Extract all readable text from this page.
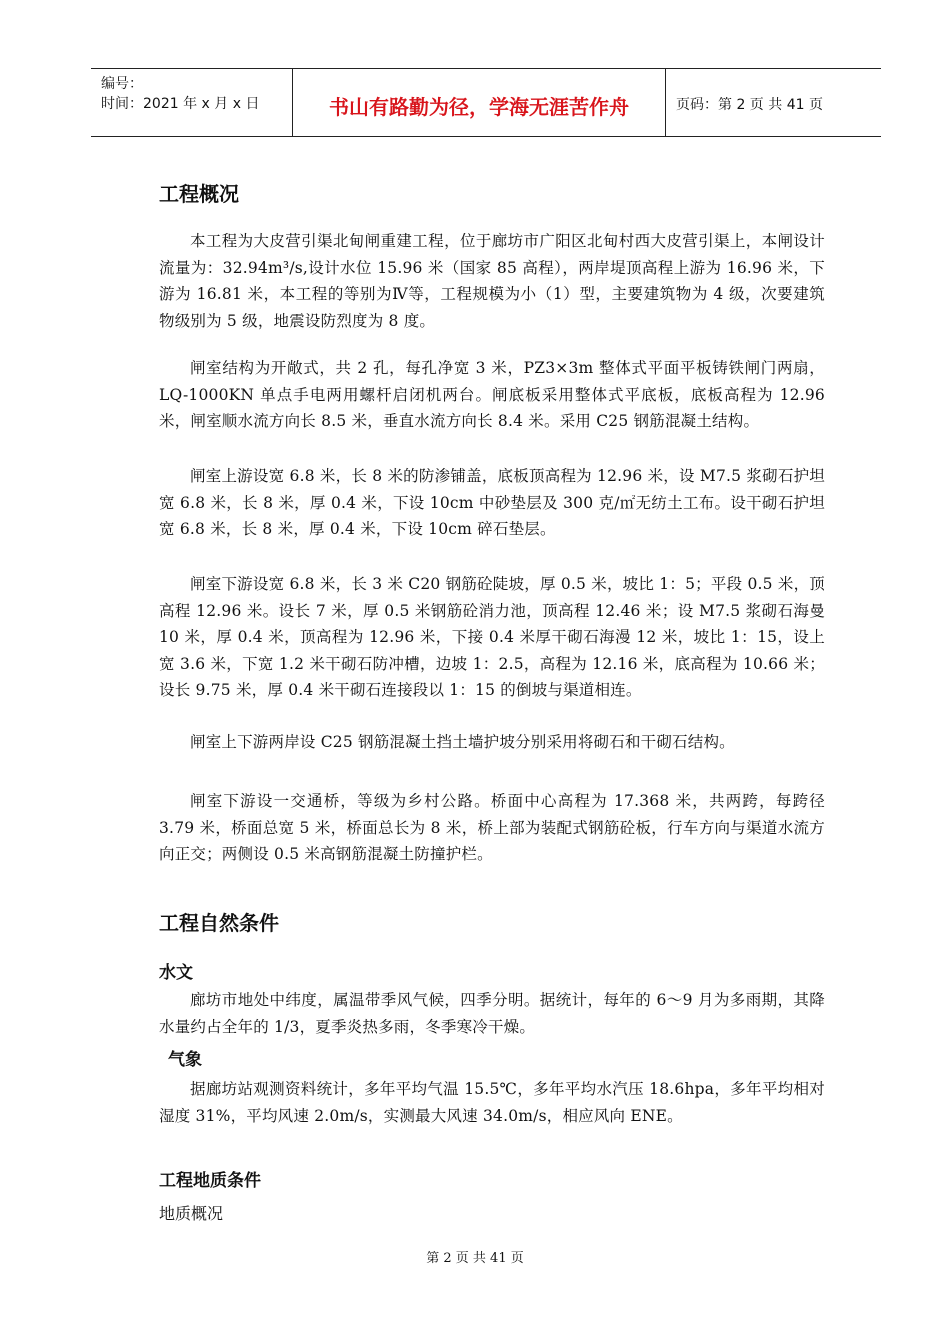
编号：
时间：2021 年 x 月 x 日	书山有路勤为径，学海无涯苦作舟	页码：第 2 页 共 41 页
工程概况

本工程为大皮营引渠北甸闸重建工程，位于廊坊市广阳区北甸村西大皮营引渠上，本闸设计流量为：32.94m³/s,设计水位 15.96 米（国家 85 高程），两岸堤顶高程上游为 16.96 米，下游为 16.81 米，本工程的等别为Ⅳ等，工程规模为小（1）型，主要建筑物为 4 级，次要建筑物级别为 5 级，地震设防烈度为 8 度。

闸室结构为开敞式，共 2 孔，每孔净宽 3 米，PZ3×3m 整体式平面平板铸铁闸门两扇，LQ-1000KN 单点手电两用螺杆启闭机两台。闸底板采用整体式平底板，底板高程为 12.96 米，闸室顺水流方向长 8.5 米，垂直水流方向长 8.4 米。采用 C25 钢筋混凝土结构。

闸室上游设宽 6.8 米，长 8 米的防渗铺盖，底板顶高程为 12.96 米，设 M7.5 浆砌石护坦宽 6.8 米，长 8 米，厚 0.4 米，下设 10cm 中砂垫层及 300 克/㎡无纺土工布。设干砌石护坦宽 6.8 米，长 8 米，厚 0.4 米，下设 10cm 碎石垫层。

闸室下游设宽 6.8 米，长 3 米 C20 钢筋砼陡坡，厚 0.5 米，坡比 1：5；平段 0.5 米，顶高程 12.96 米。设长 7 米，厚 0.5 米钢筋砼消力池，顶高程 12.46 米；设 M7.5 浆砌石海曼 10 米，厚 0.4 米，顶高程为 12.96 米，下接 0.4 米厚干砌石海漫 12 米，坡比 1：15，设上宽 3.6 米，下宽 1.2 米干砌石防冲槽，边坡 1：2.5，高程为 12.16 米，底高程为 10.66 米；设长 9.75 米，厚 0.4 米干砌石连接段以 1：15 的倒坡与渠道相连。

闸室上下游两岸设 C25 钢筋混凝土挡土墙护坡分别采用将砌石和干砌石结构。

闸室下游设一交通桥，等级为乡村公路。桥面中心高程为 17.368 米，共两跨，每跨径 3.79 米，桥面总宽 5 米，桥面总长为 8 米，桥上部为装配式钢筋砼板，行车方向与渠道水流方向正交；两侧设 0.5 米高钢筋混凝土防撞护栏。

工程自然条件
水文

廊坊市地处中纬度，属温带季风气候，四季分明。据统计，每年的 6～9 月为多雨期，其降水量约占全年的 1/3，夏季炎热多雨，冬季寒冷干燥。

气象

据廊坊站观测资料统计，多年平均气温 15.5℃，多年平均水汽压 18.6hpa，多年平均相对湿度 31%，平均风速 2.0m/s，实测最大风速 34.0m/s，相应风向 ENE。

工程地质条件

地质概况

第 2 页 共 41 页
